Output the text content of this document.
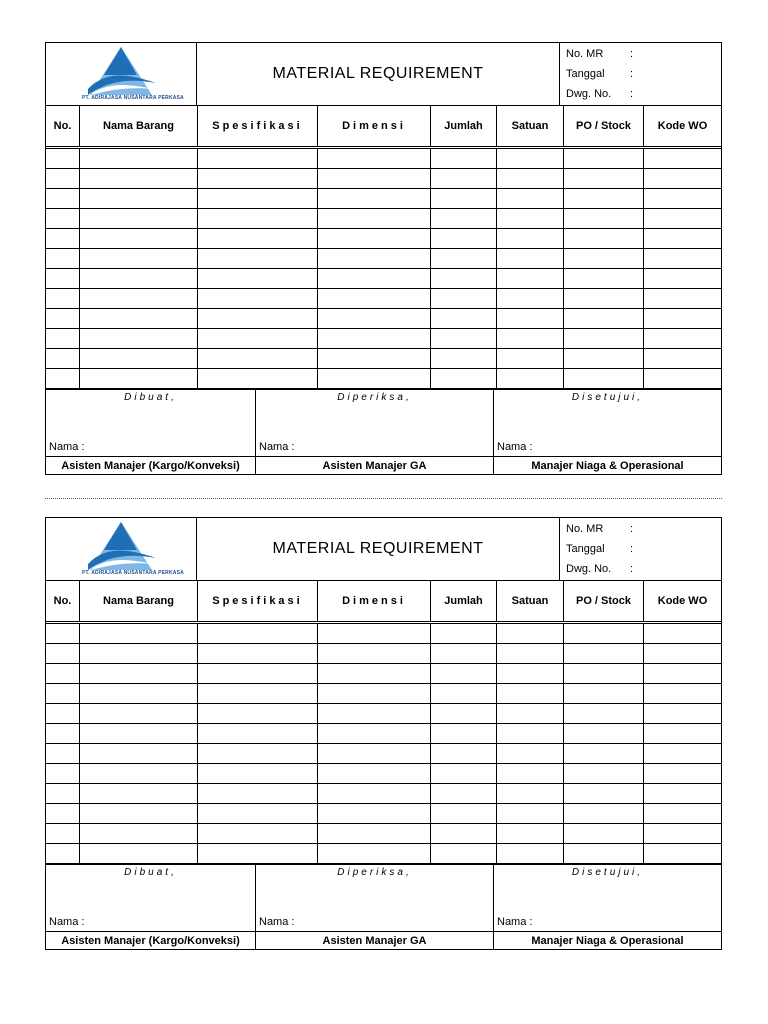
PT. ADIRAJASA NUSANTARA PERKASA
MATERIAL REQUIREMENT
No. MR	:
Tanggal	:
Dwg. No.	:
No.	Nama Barang	Spesifikasi	Dimensi	Jumlah	Satuan	PO / Stock	Kode WO
Dibuat,
Nama :
Diperiksa,
Nama :
Disetujui,
Nama :
Asisten Manajer (Kargo/Konveksi)	Asisten Manajer GA	Manajer Niaga & Operasional
PT. ADIRAJASA NUSANTARA PERKASA
MATERIAL REQUIREMENT
No. MR	:
Tanggal	:
Dwg. No.	:
No.	Nama Barang	Spesifikasi	Dimensi	Jumlah	Satuan	PO / Stock	Kode WO
Dibuat,
Nama :
Diperiksa,
Nama :
Disetujui,
Nama :
Asisten Manajer (Kargo/Konveksi)	Asisten Manajer GA	Manajer Niaga & Operasional
